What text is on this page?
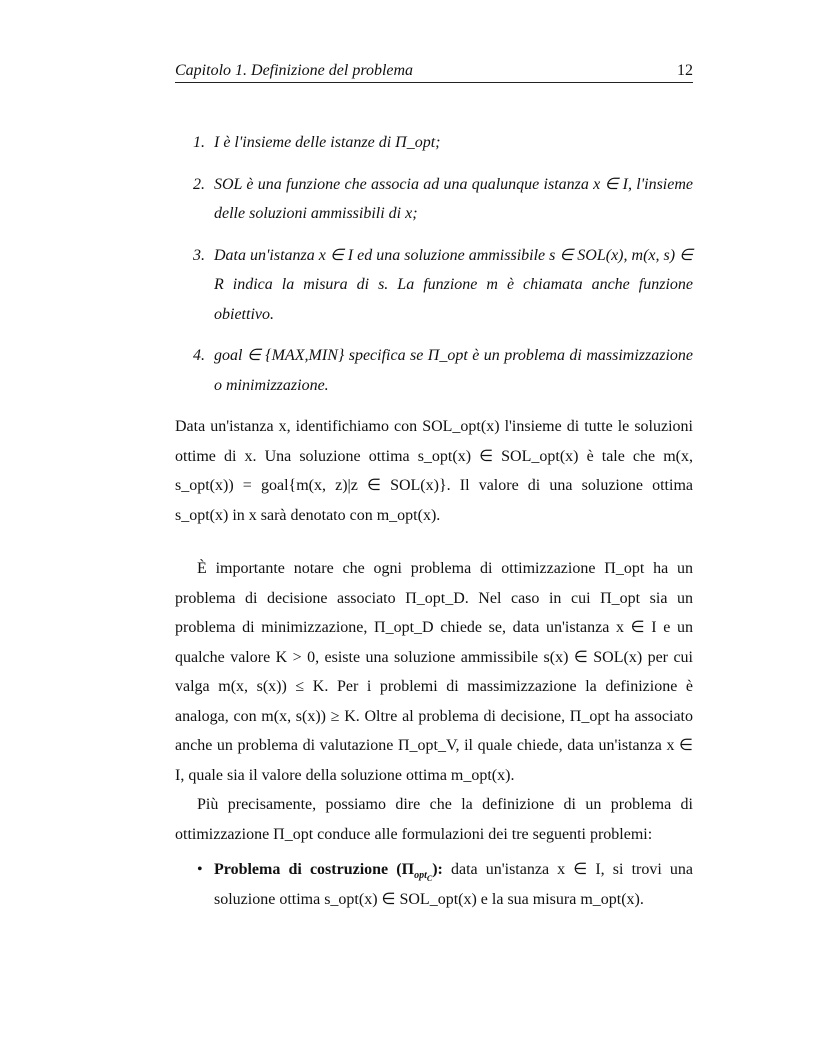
Capitolo 1. Definizione del problema	12
1. I è l'insieme delle istanze di Π_opt;
2. SOL è una funzione che associa ad una qualunque istanza x ∈ I, l'insieme delle soluzioni ammissibili di x;
3. Data un'istanza x ∈ I ed una soluzione ammissibile s ∈ SOL(x), m(x, s) ∈ R indica la misura di s. La funzione m è chiamata anche funzione obiettivo.
4. goal ∈ {MAX,MIN} specifica se Π_opt è un problema di massimizzazione o minimizzazione.

Data un'istanza x, identifichiamo con SOL_opt(x) l'insieme di tutte le soluzioni ottime di x. Una soluzione ottima s_opt(x) ∈ SOL_opt(x) è tale che m(x, s_opt(x)) = goal{m(x, z)|z ∈ SOL(x)}. Il valore di una soluzione ottima s_opt(x) in x sarà denotato con m_opt(x).

È importante notare che ogni problema di ottimizzazione Π_opt ha un problema di decisione associato Π_opt_D. Nel caso in cui Π_opt sia un problema di minimizzazione, Π_opt_D chiede se, data un'istanza x ∈ I e un qualche valore K > 0, esiste una soluzione ammissibile s(x) ∈ SOL(x) per cui valga m(x, s(x)) ≤ K. Per i problemi di massimizzazione la definizione è analoga, con m(x, s(x)) ≥ K. Oltre al problema di decisione, Π_opt ha associato anche un problema di valutazione Π_opt_V, il quale chiede, data un'istanza x ∈ I, quale sia il valore della soluzione ottima m_opt(x).

Più precisamente, possiamo dire che la definizione di un problema di ottimizzazione Π_opt conduce alle formulazioni dei tre seguenti problemi:

• Problema di costruzione $(\Pi_{opt_C})$: data un'istanza x ∈ I, si trovi una soluzione ottima s_opt(x) ∈ SOL_opt(x) e la sua misura m_opt(x).
